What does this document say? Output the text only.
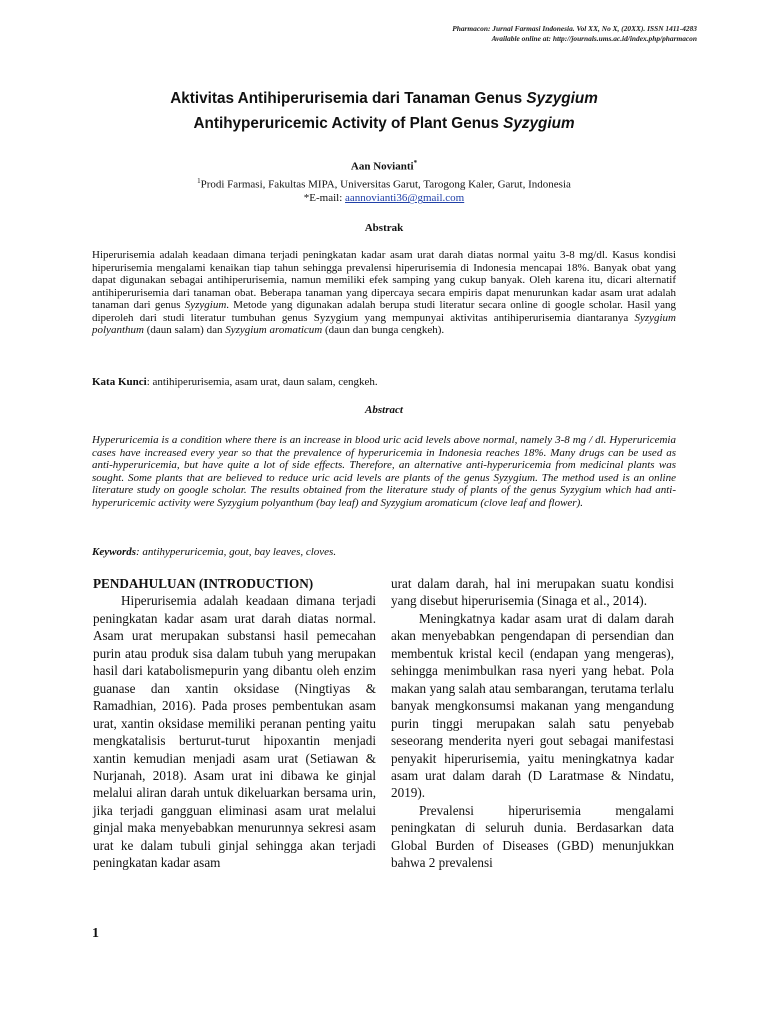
Pharmacon: Jurnal Farmasi Indonesia. Vol XX, No X, (20XX). ISSN 1411-4283
Available online at: http://journals.ums.ac.id/index.php/pharmacon
Aktivitas Antihiperurisemia dari Tanaman Genus Syzygium
Antihyperuricemic Activity of Plant Genus Syzygium
Aan Novianti*
$^1$Prodi Farmasi, Fakultas MIPA, Universitas Garut, Tarogong Kaler, Garut, Indonesia
*E-mail: aannovianti36@gmail.com
Abstrak

Hiperurisemia adalah keadaan dimana terjadi peningkatan kadar asam urat darah diatas normal yaitu 3-8 mg/dl. Kasus kondisi hiperurisemia mengalami kenaikan tiap tahun sehingga prevalensi hiperurisemia di Indonesia mencapai 18%. Banyak obat yang dapat digunakan sebagai antihiperurisemia, namun memiliki efek samping yang cukup banyak. Oleh karena itu, dicari alternatif antihiperurisemia dari tanaman obat. Beberapa tanaman yang dipercaya secara empiris dapat menurunkan kadar asam urat adalah tanaman dari genus Syzygium. Metode yang digunakan adalah berupa studi literatur secara online di google scholar. Hasil yang diperoleh dari studi literatur tumbuhan genus Syzygium yang mempunyai aktivitas antihiperurisemia diantaranya Syzygium polyanthum (daun salam) dan Syzygium aromaticum (daun dan bunga cengkeh).

Kata Kunci: antihiperurisemia, asam urat, daun salam, cengkeh.
Abstract

Hyperuricemia is a condition where there is an increase in blood uric acid levels above normal, namely 3-8 mg / dl. Hyperuricemia cases have increased every year so that the prevalence of hyperuricemia in Indonesia reaches 18%. Many drugs can be used as anti-hyperuricemia, but have quite a lot of side effects. Therefore, an alternative anti-hyperuricemia from medicinal plants was sought. Some plants that are believed to reduce uric acid levels are plants of the genus Syzygium. The method used is an online literature study on google scholar. The results obtained from the literature study of plants of the genus Syzygium which had anti-hyperuricemic activity were Syzygium polyanthum (bay leaf) and Syzygium aromaticum (clove leaf and flower).

Keywords: antihyperuricemia, gout, bay leaves, cloves.
PENDAHULUAN (INTRODUCTION)

Hiperurisemia adalah keadaan dimana terjadi peningkatan kadar asam urat darah diatas normal. Asam urat merupakan substansi hasil pemecahan purin atau produk sisa dalam tubuh yang merupakan hasil dari katabolismepurin yang dibantu oleh enzim guanase dan xantin oksidase (Ningtiyas & Ramadhian, 2016). Pada proses pembentukan asam urat, xantin oksidase memiliki peranan penting yaitu mengkatalisis berturut-turut hipoxantin menjadi xantin kemudian menjadi asam urat (Setiawan & Nurjanah, 2018). Asam urat ini dibawa ke ginjal melalui aliran darah untuk dikeluarkan bersama urin, jika terjadi gangguan eliminasi asam urat melalui ginjal maka menyebabkan menurunnya sekresi asam urat ke dalam tubuli ginjal sehingga akan terjadi peningkatan kadar asam

urat dalam darah, hal ini merupakan suatu kondisi yang disebut hiperurisemia (Sinaga et al., 2014).

Meningkatnya kadar asam urat di dalam darah akan menyebabkan pengendapan di persendian dan membentuk kristal kecil (endapan yang mengeras), sehingga menimbulkan rasa nyeri yang hebat. Pola makan yang salah atau sembarangan, terutama terlalu banyak mengkonsumsi makanan yang mengandung purin tinggi merupakan salah satu penyebab seseorang menderita nyeri gout sebagai manifestasi penyakit hiperurisemia, yaitu meningkatnya kadar asam urat dalam darah (D Laratmase & Nindatu, 2019).

Prevalensi hiperurisemia mengalami peningkatan di seluruh dunia. Berdasarkan data Global Burden of Diseases (GBD) menunjukkan bahwa 2 prevalensi

1
